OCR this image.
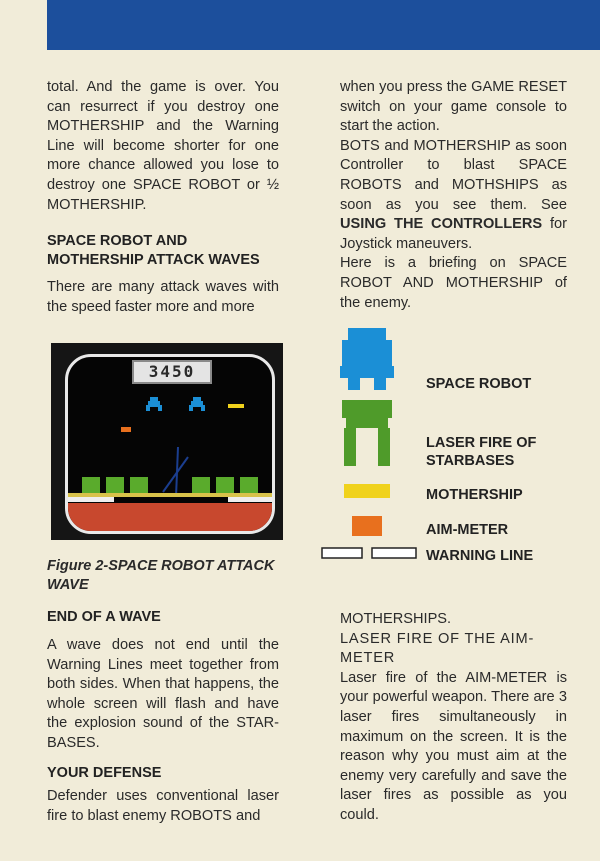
total. And the game is over. You can resurrect if you destroy one MOTHERSHIP and the Warning Line will become shorter for one more chance allowed you lose to destroy one SPACE ROBOT or ½ MOTHERSHIP.

SPACE ROBOT AND MOTHERSHIP ATTACK WAVES

There are many attack waves with the speed faster more and more

3450
Figure 2-SPACE ROBOT ATTACK WAVE
END OF A WAVE

A wave does not end until the Warning Lines meet together from both sides. When that happens, the whole screen will flash and have the explosion sound of the STAR-BASES.

YOUR DEFENSE

Defender uses conventional laser fire to blast enemy ROBOTS and

when you press the GAME RESET switch on your game console to start the action.

BOTS and MOTHERSHIP as soon Controller to blast SPACE ROBOTS and MOTHSHIPS as soon as you see them. See USING THE CONTROLLERS for Joystick maneuvers.

Here is a briefing on SPACE ROBOT AND MOTHERSHIP of the enemy.

SPACE ROBOT
LASER FIRE OF STARBASES
MOTHERSHIP
AIM-METER
WARNING LINE

MOTHERSHIPS.

LASER FIRE OF THE AIM-METER

Laser fire of the AIM-METER is your powerful weapon. There are 3 laser fires simultaneously in maximum on the screen. It is the reason why you must aim at the enemy very carefully and save the laser fires as possible as you could.
